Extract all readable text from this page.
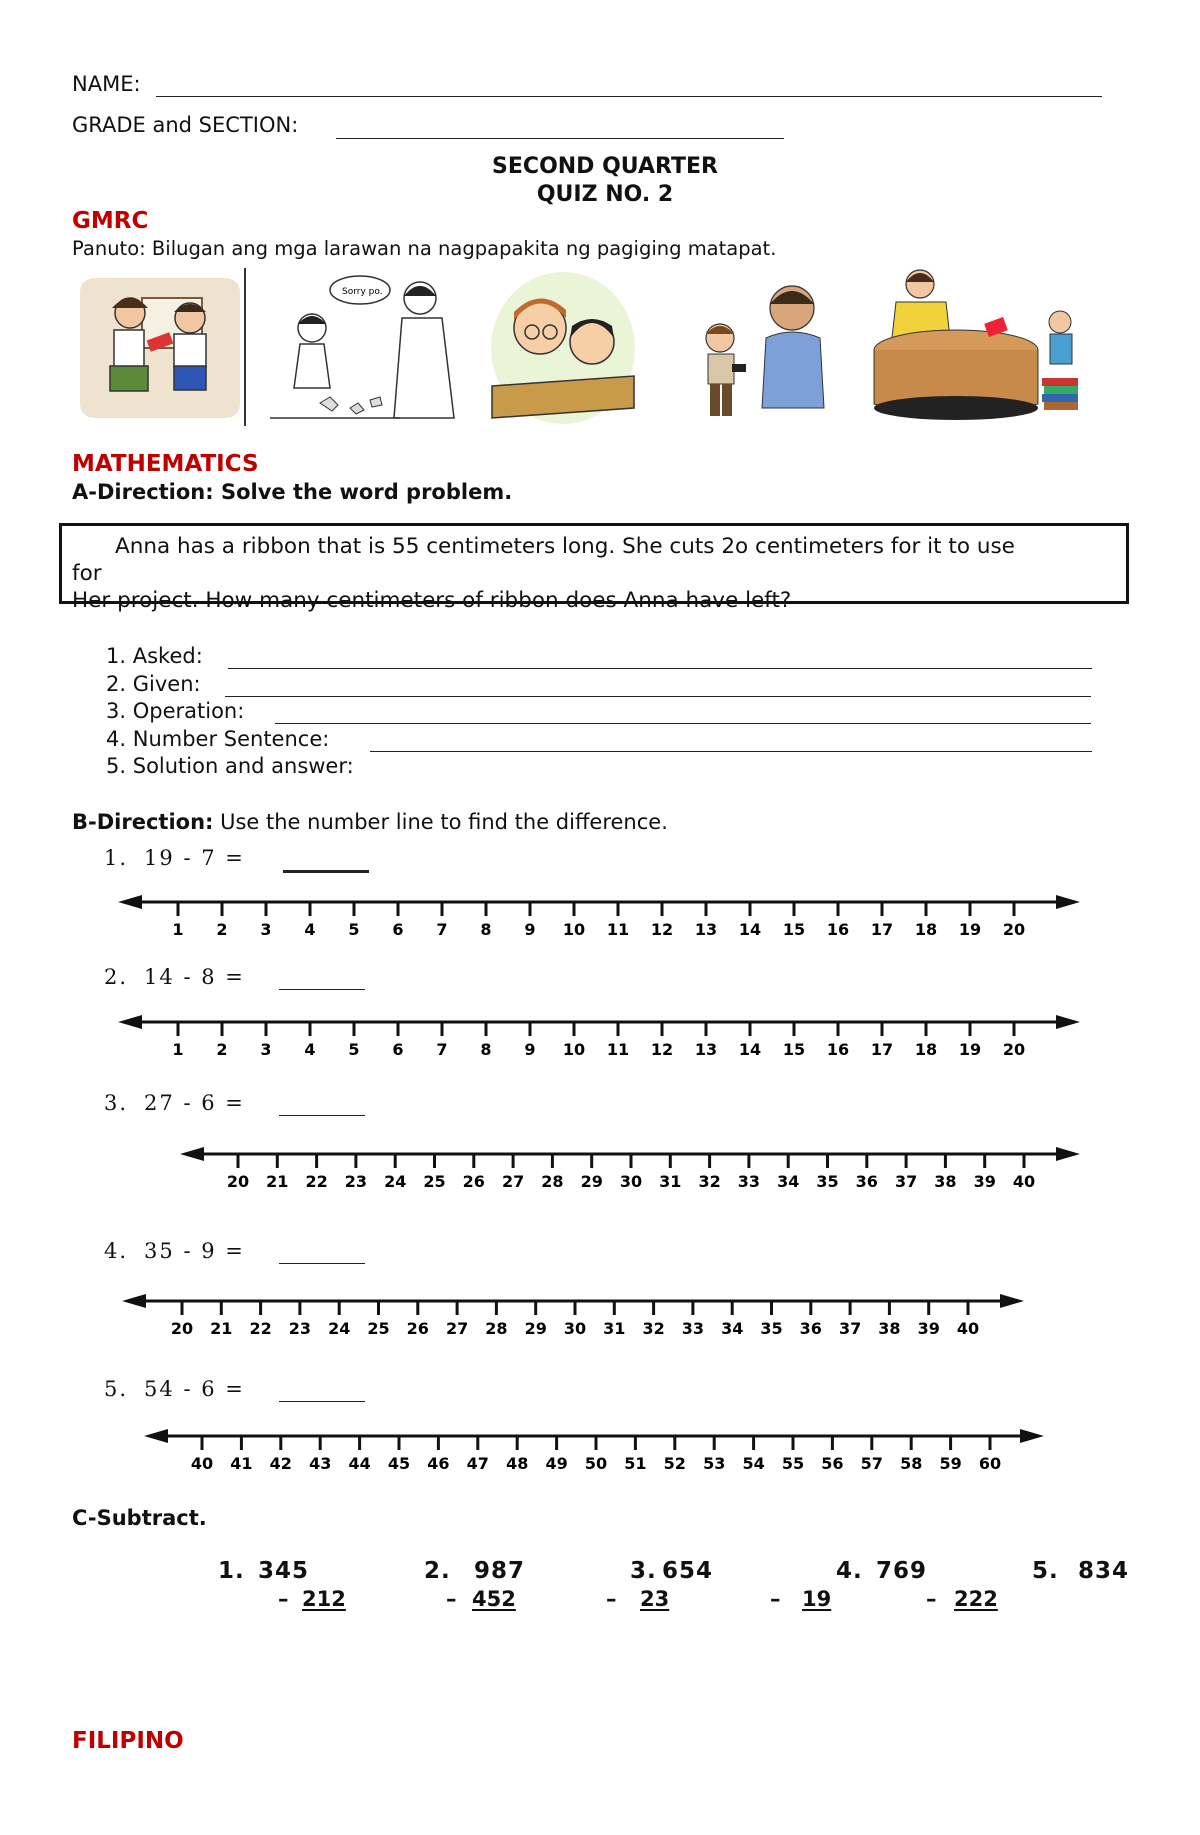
NAME:
GRADE and SECTION:
SECOND QUARTER
QUIZ NO. 2
GMRC
Panuto: Bilugan ang mga larawan na nagpapakita ng pagiging matapat.
Sorry po.
MATHEMATICS
A-Direction: Solve the word problem.
Anna has a ribbon that is 55 centimeters long. She cuts 2o centimeters for it to use
for
Her project. How many centimeters of ribbon does Anna have left?
1. Asked:
2. Given:
3. Operation:
4. Number Sentence:
5. Solution and answer:
B-Direction: Use the number line to find the difference.
1. 19 - 7 =
1 2 3 4 5 6 7 8 9 10 11 12 13 14 15 16 17 18 19 20
2. 14 - 8 =
1 2 3 4 5 6 7 8 9 10 11 12 13 14 15 16 17 18 19 20
3. 27 - 6 =
20 21 22 23 24 25 26 27 28 29 30 31 32 33 34 35 36 37 38 39 40
4. 35 - 9 =
20 21 22 23 24 25 26 27 28 29 30 31 32 33 34 35 36 37 38 39 40
5. 54 - 6 =
40 41 42 43 44 45 46 47 48 49 50 51 52 53 54 55 56 57 58 59 60
C-Subtract.
1. 345
– 212
2. 987
– 452
3. 654
– 23
4. 769
– 19
5. 834
– 222
FILIPINO
